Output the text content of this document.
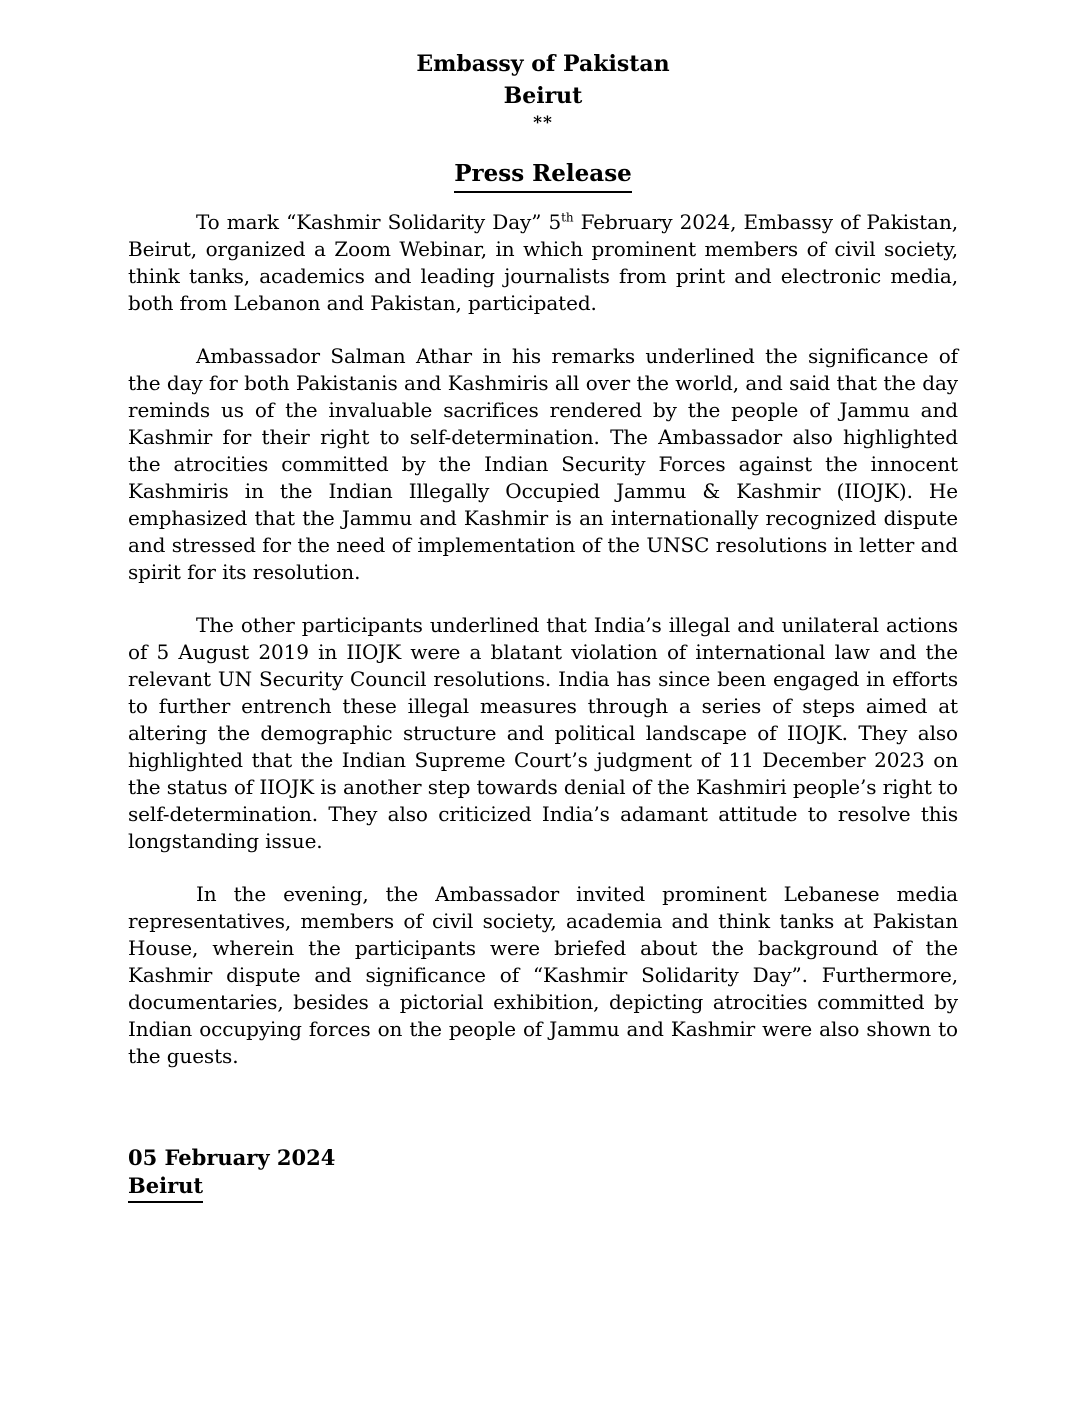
Embassy of Pakistan
Beirut
**
Press Release

To mark “Kashmir Solidarity Day” 5th February 2024, Embassy of Pakistan, Beirut, organized a Zoom Webinar, in which prominent members of civil society, think tanks, academics and leading journalists from print and electronic media, both from Lebanon and Pakistan, participated.

Ambassador Salman Athar in his remarks underlined the significance of the day for both Pakistanis and Kashmiris all over the world, and said that the day reminds us of the invaluable sacrifices rendered by the people of Jammu and Kashmir for their right to self-determination. The Ambassador also highlighted the atrocities committed by the Indian Security Forces against the innocent Kashmiris in the Indian Illegally Occupied Jammu & Kashmir (IIOJK). He emphasized that the Jammu and Kashmir is an internationally recognized dispute and stressed for the need of implementation of the UNSC resolutions in letter and spirit for its resolution.

The other participants underlined that India’s illegal and unilateral actions of 5 August 2019 in IIOJK were a blatant violation of international law and the relevant UN Security Council resolutions. India has since been engaged in efforts to further entrench these illegal measures through a series of steps aimed at altering the demographic structure and political landscape of IIOJK. They also highlighted that the Indian Supreme Court’s judgment of 11 December 2023 on the status of IIOJK is another step towards denial of the Kashmiri people’s right to self-determination. They also criticized India’s adamant attitude to resolve this longstanding issue.

In the evening, the Ambassador invited prominent Lebanese media representatives, members of civil society, academia and think tanks at Pakistan House, wherein the participants were briefed about the background of the Kashmir dispute and significance of “Kashmir Solidarity Day”. Furthermore, documentaries, besides a pictorial exhibition, depicting atrocities committed by Indian occupying forces on the people of Jammu and Kashmir were also shown to the guests.

05 February 2024
Beirut
